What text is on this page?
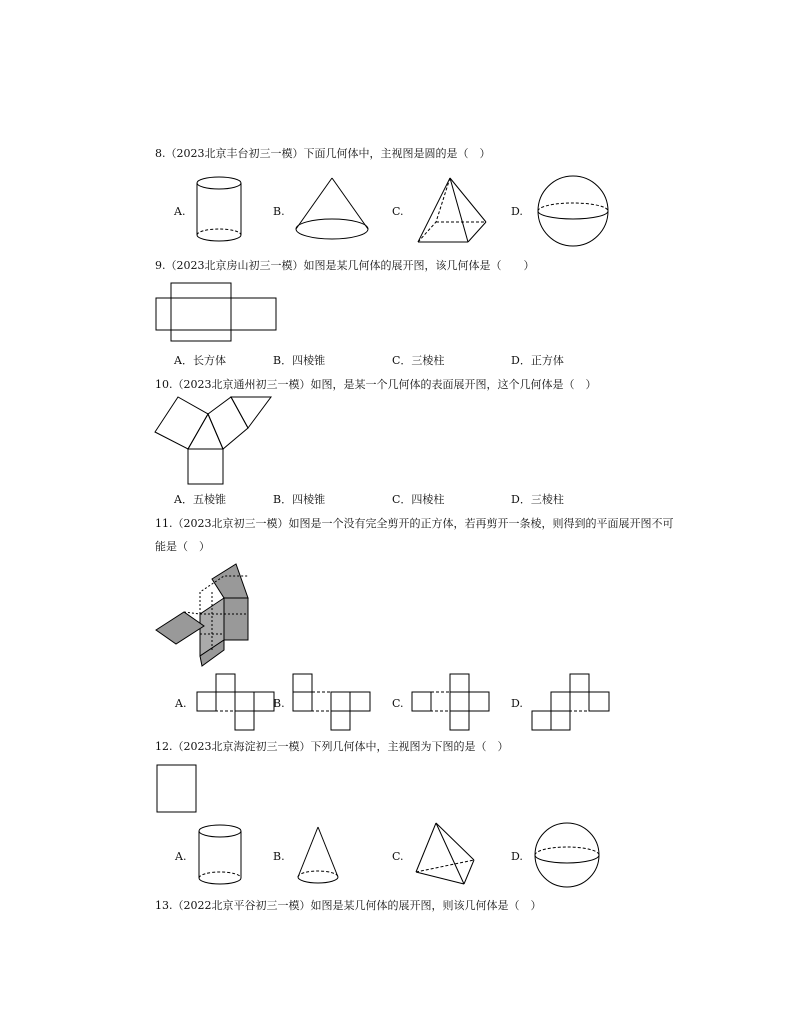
8.（2023北京丰台初三一模）下面几何体中，主视图是圆的是（　）
A.	B.	C.	D.
9.（2023北京房山初三一模）如图是某几何体的展开图，该几何体是（　　）
A．长方体	B．四棱锥	C．三棱柱	D．正方体
10.（2023北京通州初三一模）如图，是某一个几何体的表面展开图，这个几何体是（　）
A．五棱锥	B．四棱锥	C．四棱柱	D．三棱柱
11.（2023北京初三一模）如图是一个没有完全剪开的正方体，若再剪开一条棱，则得到的平面展开图不可
能是（　）
A.	B.	C.	D.
12.（2023北京海淀初三一模）下列几何体中，主视图为下图的是（　）
A.	B.	C.	D.
13.（2022北京平谷初三一模）如图是某几何体的展开图，则该几何体是（　）
